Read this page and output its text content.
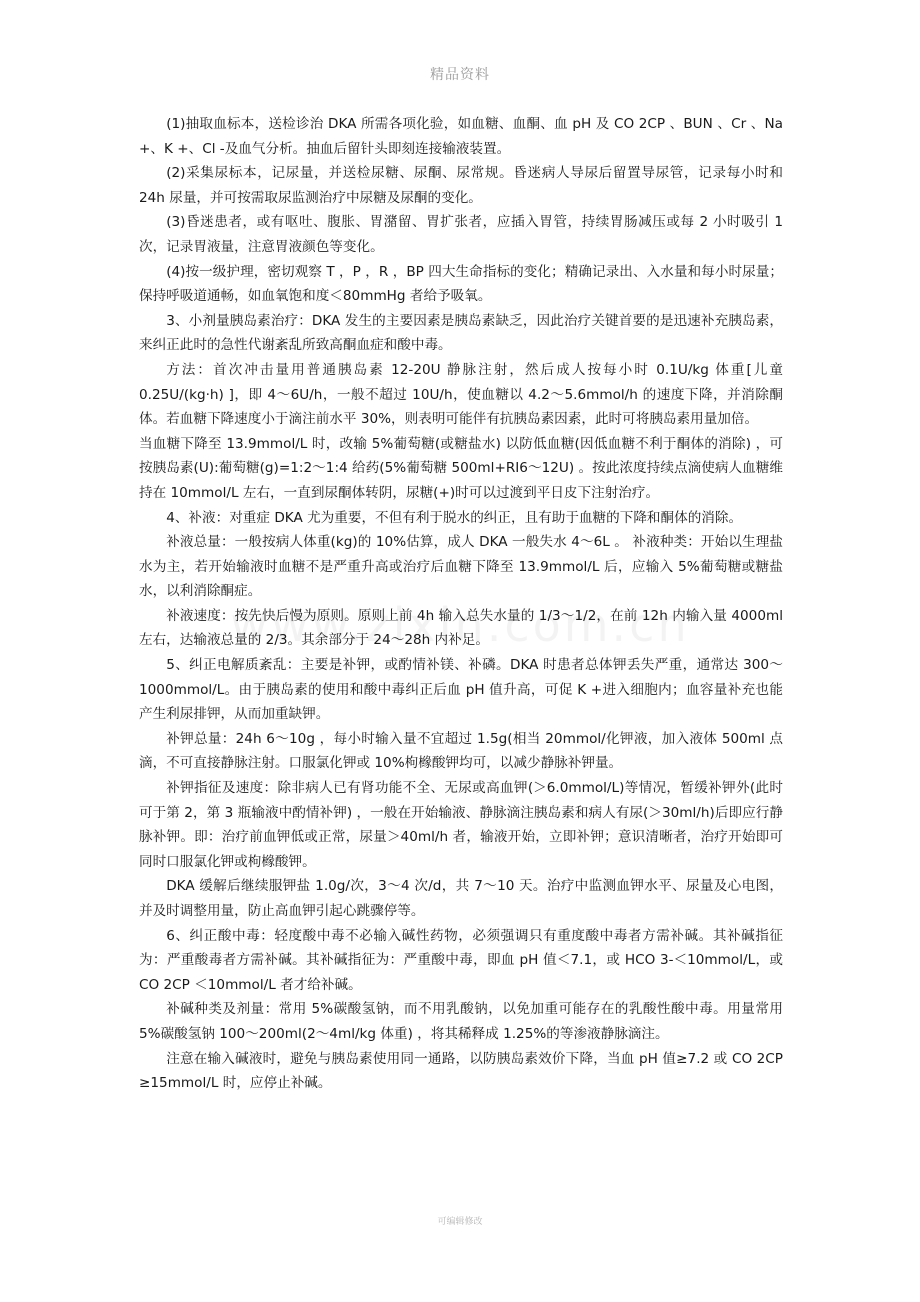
精品资料

(1)抽取血标本，送检诊治 DKA 所需各项化验，如血糖、血酮、血 pH 及 CO 2CP 、BUN 、Cr 、Na +、K +、Cl -及血气分析。抽血后留针头即刻连接输液装置。

(2)采集尿标本，记尿量，并送检尿糖、尿酮、尿常规。昏迷病人导尿后留置导尿管，记录每小时和 24h 尿量，并可按需取尿监测治疗中尿糖及尿酮的变化。

(3)昏迷患者，或有呕吐、腹胀、胃潴留、胃扩张者，应插入胃管，持续胃肠减压或每 2 小时吸引 1 次，记录胃液量，注意胃液颜色等变化。

(4)按一级护理，密切观察 T ，P ，R ，BP 四大生命指标的变化；精确记录出、入水量和每小时尿量；保持呼吸道通畅，如血氧饱和度＜80mmHg 者给予吸氧。

3、小剂量胰岛素治疗：DKA 发生的主要因素是胰岛素缺乏，因此治疗关键首要的是迅速补充胰岛素，来纠正此时的急性代谢紊乱所致高酮血症和酸中毒。

方法：首次冲击量用普通胰岛素 12-20U 静脉注射，然后成人按每小时 0.1U/kg 体重[儿童 0.25U/(kg·h) ]，即 4～6U/h，一般不超过 10U/h，使血糖以 4.2～5.6mmol/h 的速度下降，并消除酮体。若血糖下降速度小于滴注前水平 30%，则表明可能伴有抗胰岛素因素，此时可将胰岛素用量加倍。

当血糖下降至 13.9mmol/L 时，改输 5%葡萄糖(或糖盐水) 以防低血糖(因低血糖不利于酮体的消除) ，可按胰岛素(U):葡萄糖(g)=1:2～1:4 给药(5%葡萄糖 500ml+RI6～12U) 。按此浓度持续点滴使病人血糖维持在 10mmol/L 左右，一直到尿酮体转阴，尿糖(+)时可以过渡到平日皮下注射治疗。

4、补液：对重症 DKA 尤为重要，不但有利于脱水的纠正，且有助于血糖的下降和酮体的消除。

补液总量：一般按病人体重(kg)的 10%估算，成人 DKA 一般失水 4～6L 。 补液种类：开始以生理盐水为主，若开始输液时血糖不是严重升高或治疗后血糖下降至 13.9mmol/L 后，应输入 5%葡萄糖或糖盐水，以利消除酮症。

补液速度：按先快后慢为原则。原则上前 4h 输入总失水量的 1/3～1/2，在前 12h 内输入量 4000ml 左右，达输液总量的 2/3。其余部分于 24～28h 内补足。

5、纠正电解质紊乱：主要是补钾，或酌情补镁、补磷。DKA 时患者总体钾丢失严重，通常达 300～1000mmol/L。由于胰岛素的使用和酸中毒纠正后血 pH 值升高，可促 K +进入细胞内；血容量补充也能产生利尿排钾，从而加重缺钾。

补钾总量：24h 6～10g ，每小时输入量不宜超过 1.5g(相当 20mmol/化钾液，加入液体 500ml 点滴，不可直接静脉注射。口服氯化钾或 10%枸橼酸钾均可，以减少静脉补钾量。

补钾指征及速度：除非病人已有肾功能不全、无尿或高血钾(＞6.0mmol/L)等情况，暂缓补钾外(此时可于第 2，第 3 瓶输液中酌情补钾) ，一般在开始输液、静脉滴注胰岛素和病人有尿(＞30ml/h)后即应行静脉补钾。即：治疗前血钾低或正常，尿量＞40ml/h 者，输液开始，立即补钾；意识清晰者，治疗开始即可同时口服氯化钾或枸橼酸钾。

DKA 缓解后继续服钾盐 1.0g/次，3～4 次/d，共 7～10 天。治疗中监测血钾水平、尿量及心电图，并及时调整用量，防止高血钾引起心跳骤停等。

6、纠正酸中毒：轻度酸中毒不必输入碱性药物，必须强调只有重度酸中毒者方需补碱。其补碱指征为：严重酸毒者方需补碱。其补碱指征为：严重酸中毒，即血 pH 值＜7.1，或 HCO 3-＜10mmol/L，或 CO 2CP ＜10mmol/L 者才给补碱。

补碱种类及剂量：常用 5%碳酸氢钠，而不用乳酸钠，以免加重可能存在的乳酸性酸中毒。用量常用 5%碳酸氢钠 100～200ml(2～4ml/kg 体重) ，将其稀释成 1.25%的等渗液静脉滴注。

注意在输入碱液时，避免与胰岛素使用同一通路，以防胰岛素效价下降，当血 pH 值≥7.2 或 CO 2CP ≥15mmol/L 时，应停止补碱。

可编辑修改
